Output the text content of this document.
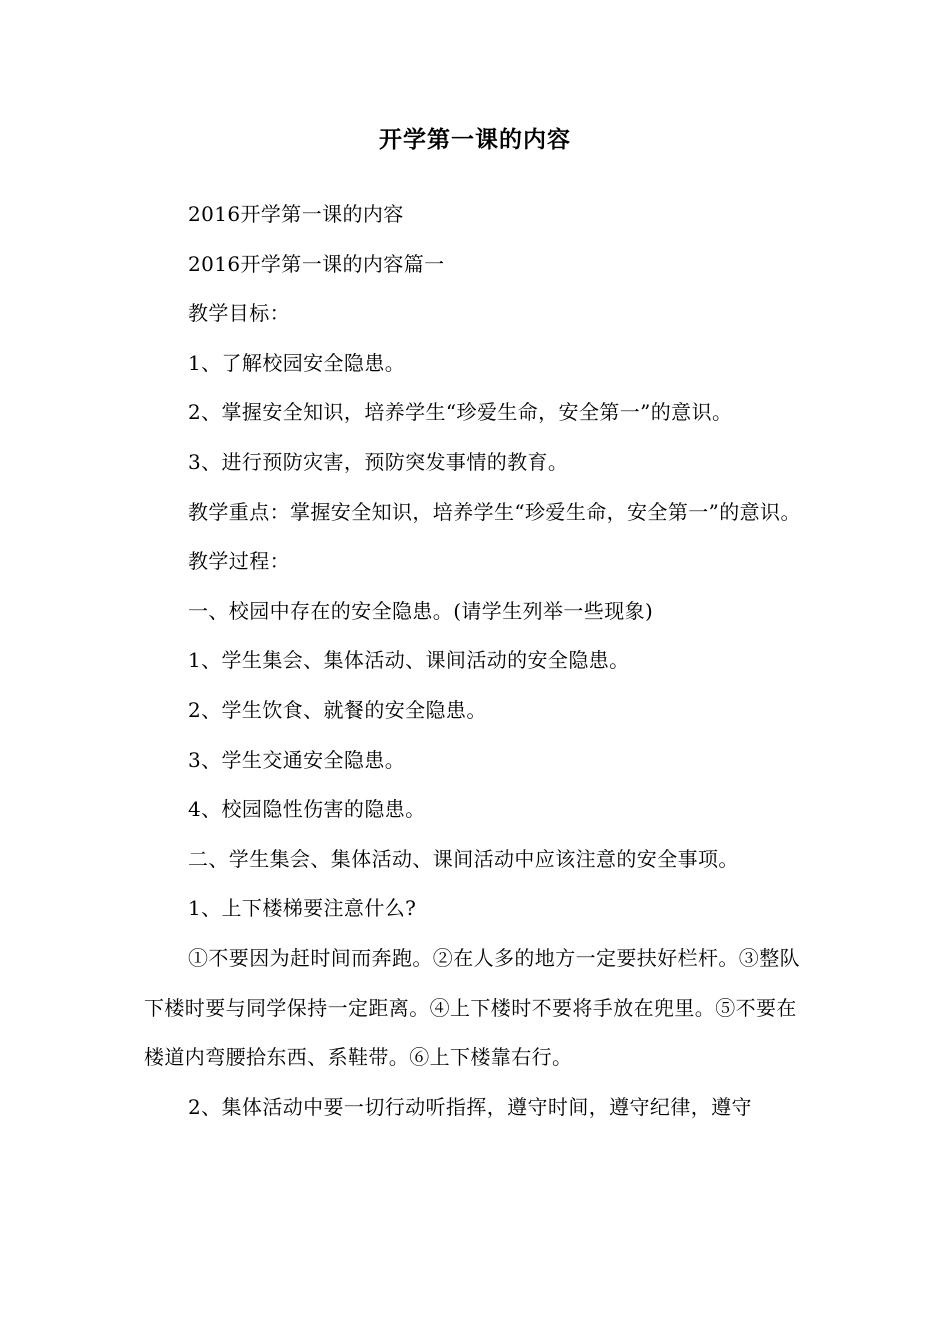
开学第一课的内容

2016开学第一课的内容

2016开学第一课的内容篇一

教学目标：

1、了解校园安全隐患。

2、掌握安全知识，培养学生“珍爱生命，安全第一”的意识。

3、进行预防灾害，预防突发事情的教育。

教学重点：掌握安全知识，培养学生“珍爱生命，安全第一”的意识。

教学过程：

一、校园中存在的安全隐患。(请学生列举一些现象)

1、学生集会、集体活动、课间活动的安全隐患。

2、学生饮食、就餐的安全隐患。

3、学生交通安全隐患。

4、校园隐性伤害的隐患。

二、学生集会、集体活动、课间活动中应该注意的安全事项。

1、上下楼梯要注意什么?

①不要因为赶时间而奔跑。②在人多的地方一定要扶好栏杆。③整队下楼时要与同学保持一定距离。④上下楼时不要将手放在兜里。⑤不要在楼道内弯腰拾东西、系鞋带。⑥上下楼靠右行。

2、集体活动中要一切行动听指挥，遵守时间，遵守纪律，遵守
